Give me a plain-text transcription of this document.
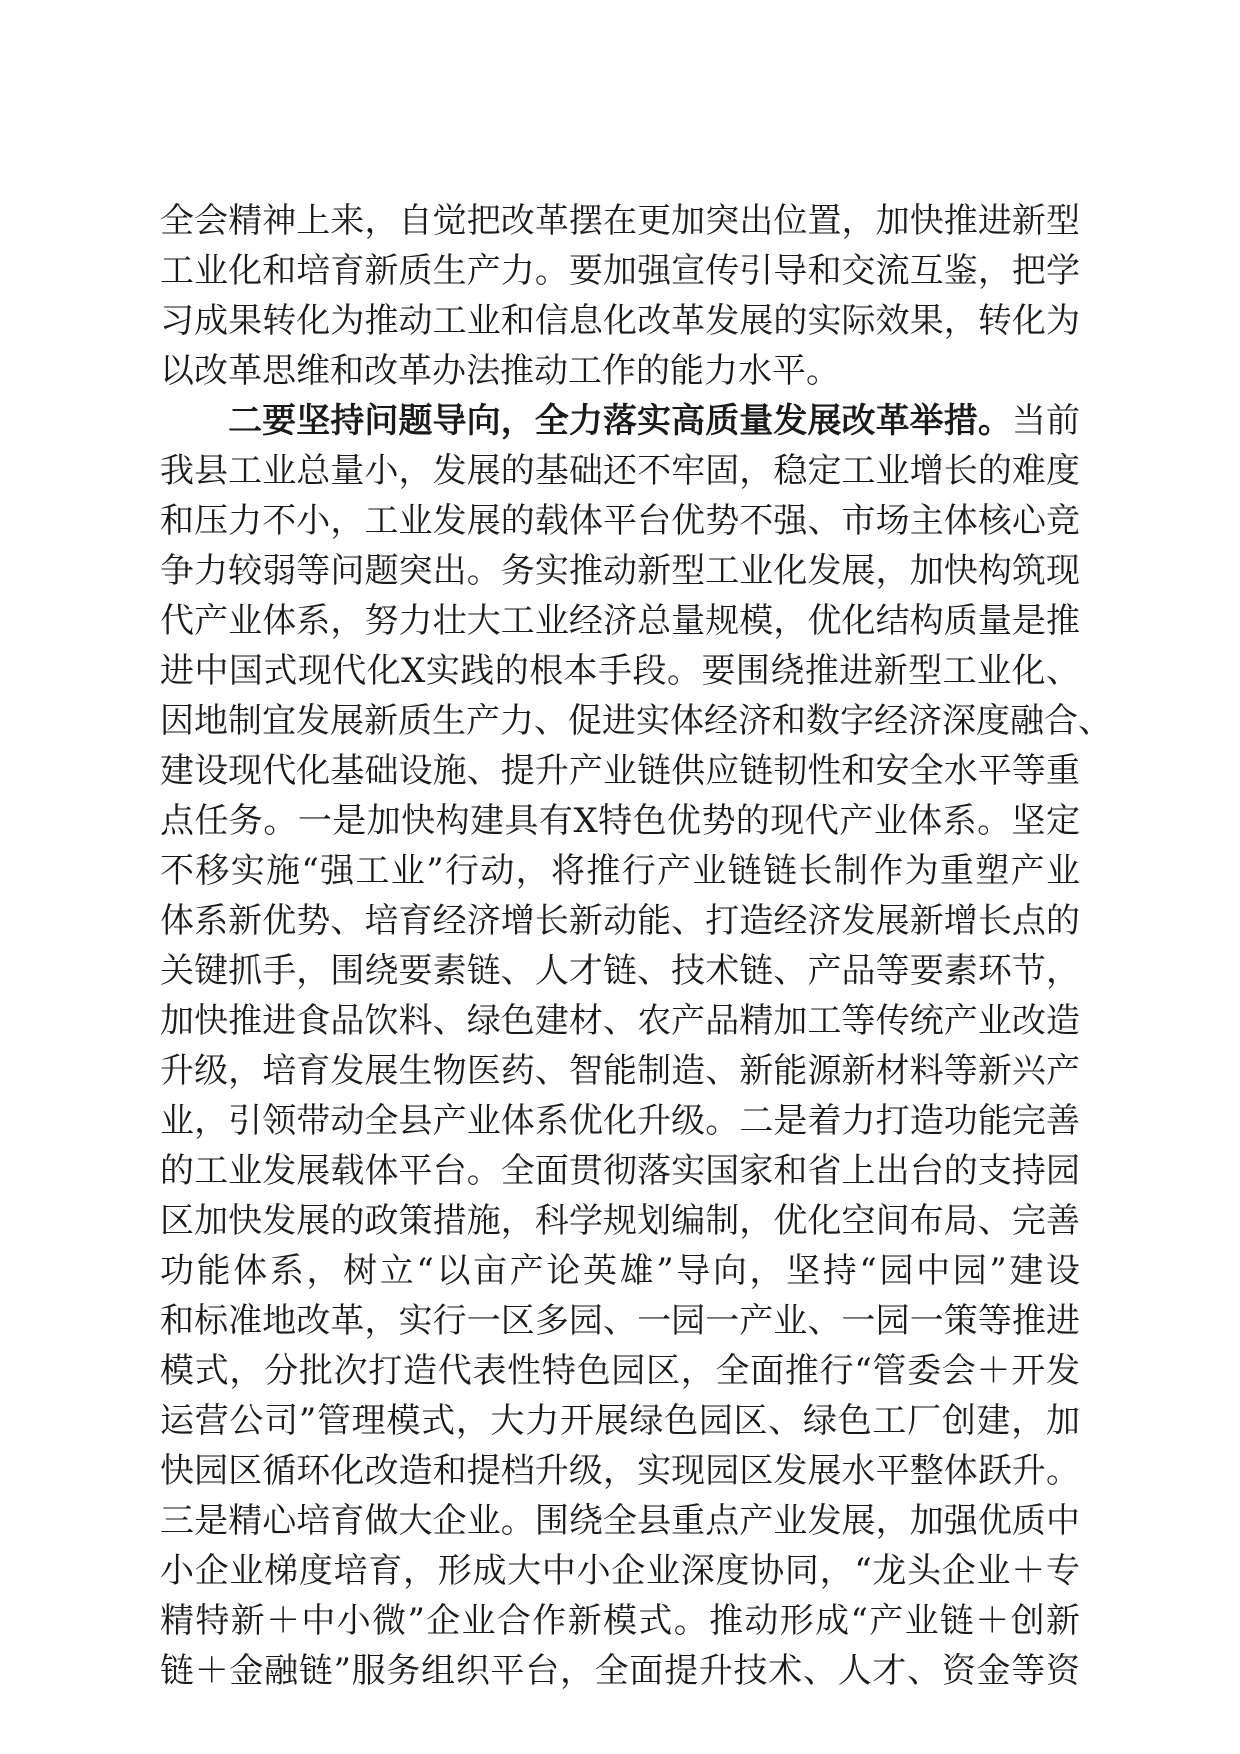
全会精神上来，自觉把改革摆在更加突出位置，加快推进新型
工业化和培育新质生产力。要加强宣传引导和交流互鉴，把学
习成果转化为推动工业和信息化改革发展的实际效果，转化为
以改革思维和改革办法推动工作的能力水平。
二要坚持问题导向，全力落实高质量发展改革举措。当前
我县工业总量小，发展的基础还不牢固，稳定工业增长的难度
和压力不小，工业发展的载体平台优势不强、市场主体核心竞
争力较弱等问题突出。务实推动新型工业化发展，加快构筑现
代产业体系，努力壮大工业经济总量规模，优化结构质量是推
进中国式现代化X实践的根本手段。要围绕推进新型工业化、
因地制宜发展新质生产力、促进实体经济和数字经济深度融合、
建设现代化基础设施、提升产业链供应链韧性和安全水平等重
点任务。一是加快构建具有X特色优势的现代产业体系。坚定
不移实施“强工业”行动，将推行产业链链长制作为重塑产业
体系新优势、培育经济增长新动能、打造经济发展新增长点的
关键抓手，围绕要素链、人才链、技术链、产品等要素环节，
加快推进食品饮料、绿色建材、农产品精加工等传统产业改造
升级，培育发展生物医药、智能制造、新能源新材料等新兴产
业，引领带动全县产业体系优化升级。二是着力打造功能完善
的工业发展载体平台。全面贯彻落实国家和省上出台的支持园
区加快发展的政策措施，科学规划编制，优化空间布局、完善
功能体系，树立“以亩产论英雄”导向，坚持“园中园”建设
和标准地改革，实行一区多园、一园一产业、一园一策等推进
模式，分批次打造代表性特色园区，全面推行“管委会＋开发
运营公司”管理模式，大力开展绿色园区、绿色工厂创建，加
快园区循环化改造和提档升级，实现园区发展水平整体跃升。
三是精心培育做大企业。围绕全县重点产业发展，加强优质中
小企业梯度培育，形成大中小企业深度协同，“龙头企业＋专
精特新＋中小微”企业合作新模式。推动形成“产业链＋创新
链＋金融链”服务组织平台，全面提升技术、人才、资金等资
